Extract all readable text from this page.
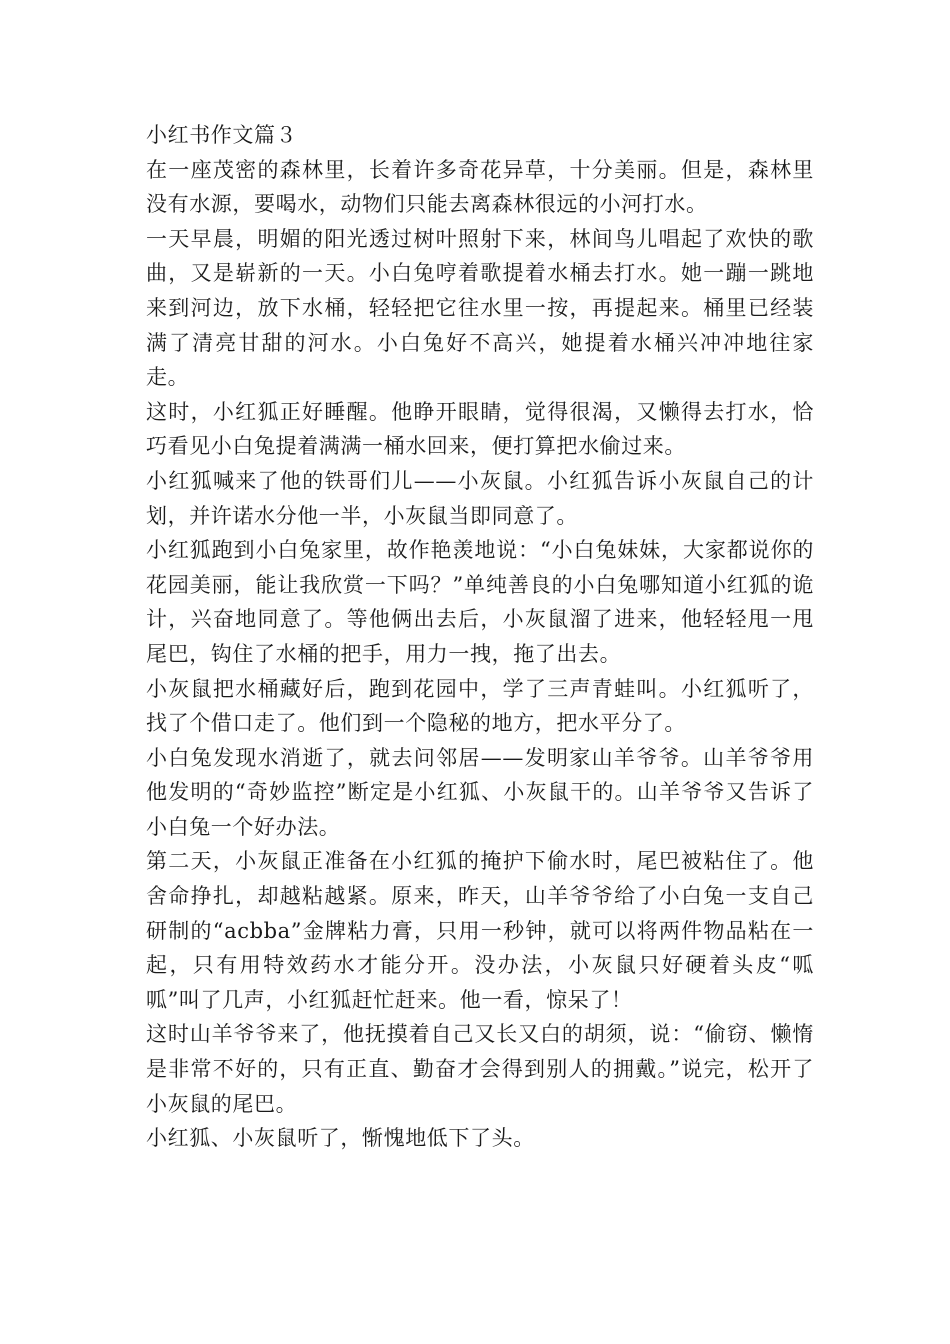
小红书作文篇３

在一座茂密的森林里，长着许多奇花异草，十分美丽。但是，森林里没有水源，要喝水，动物们只能去离森林很远的小河打水。

一天早晨，明媚的阳光透过树叶照射下来，林间鸟儿唱起了欢快的歌曲，又是崭新的一天。小白兔哼着歌提着水桶去打水。她一蹦一跳地来到河边，放下水桶，轻轻把它往水里一按，再提起来。桶里已经装满了清亮甘甜的河水。小白兔好不高兴，她提着水桶兴冲冲地往家走。

这时，小红狐正好睡醒。他睁开眼睛，觉得很渴，又懒得去打水，恰巧看见小白兔提着满满一桶水回来，便打算把水偷过来。

小红狐喊来了他的铁哥们儿——小灰鼠。小红狐告诉小灰鼠自己的计划，并许诺水分他一半，小灰鼠当即同意了。

小红狐跑到小白兔家里，故作艳羡地说：“小白兔妹妹，大家都说你的花园美丽，能让我欣赏一下吗？”单纯善良的小白兔哪知道小红狐的诡计，兴奋地同意了。等他俩出去后，小灰鼠溜了进来，他轻轻甩一甩尾巴，钩住了水桶的把手，用力一拽，拖了出去。

小灰鼠把水桶藏好后，跑到花园中，学了三声青蛙叫。小红狐听了，找了个借口走了。他们到一个隐秘的地方，把水平分了。

小白兔发现水消逝了，就去问邻居——发明家山羊爷爷。山羊爷爷用他发明的“奇妙监控”断定是小红狐、小灰鼠干的。山羊爷爷又告诉了小白兔一个好办法。

第二天，小灰鼠正准备在小红狐的掩护下偷水时，尾巴被粘住了。他舍命挣扎，却越粘越紧。原来，昨天，山羊爷爷给了小白兔一支自己研制的“acbba”金牌粘力膏，只用一秒钟，就可以将两件物品粘在一起，只有用特效药水才能分开。没办法，小灰鼠只好硬着头皮“呱呱”叫了几声，小红狐赶忙赶来。他一看，惊呆了！

这时山羊爷爷来了，他抚摸着自己又长又白的胡须，说：“偷窃、懒惰是非常不好的，只有正直、勤奋才会得到别人的拥戴。”说完，松开了小灰鼠的尾巴。

小红狐、小灰鼠听了，惭愧地低下了头。
